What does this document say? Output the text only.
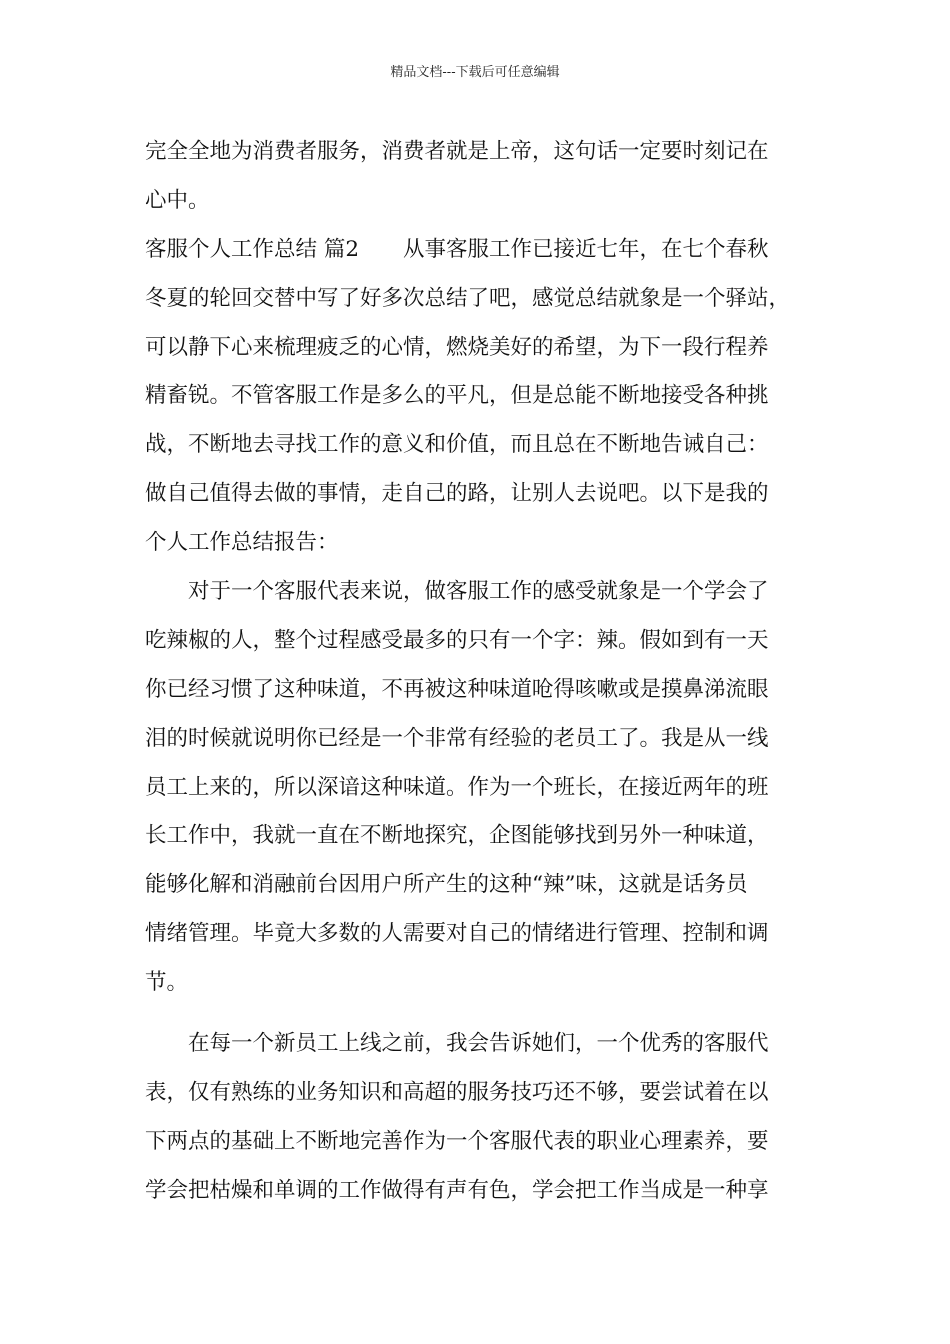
精品文档---下载后可任意编辑
完全全地为消费者服务，消费者就是上帝，这句话一定要时刻记在
心中。
客服个人工作总结 篇2 从事客服工作已接近七年，在七个春秋
冬夏的轮回交替中写了好多次总结了吧，感觉总结就象是一个驿站，
可以静下心来梳理疲乏的心情，燃烧美好的希望，为下一段行程养
精畜锐。不管客服工作是多么的平凡，但是总能不断地接受各种挑
战，不断地去寻找工作的意义和价值，而且总在不断地告诫自己：
做自己值得去做的事情，走自己的路，让别人去说吧。以下是我的
个人工作总结报告：
对于一个客服代表来说，做客服工作的感受就象是一个学会了
吃辣椒的人，整个过程感受最多的只有一个字：辣。假如到有一天
你已经习惯了这种味道，不再被这种味道呛得咳嗽或是摸鼻涕流眼
泪的时候就说明你已经是一个非常有经验的老员工了。我是从一线
员工上来的，所以深谙这种味道。作为一个班长，在接近两年的班
长工作中，我就一直在不断地探究，企图能够找到另外一种味道，
能够化解和消融前台因用户所产生的这种“辣”味，这就是话务员
情绪管理。毕竟大多数的人需要对自己的情绪进行管理、控制和调
节。
在每一个新员工上线之前，我会告诉她们，一个优秀的客服代
表，仅有熟练的业务知识和高超的服务技巧还不够，要尝试着在以
下两点的基础上不断地完善作为一个客服代表的职业心理素养，要
学会把枯燥和单调的工作做得有声有色，学会把工作当成是一种享
